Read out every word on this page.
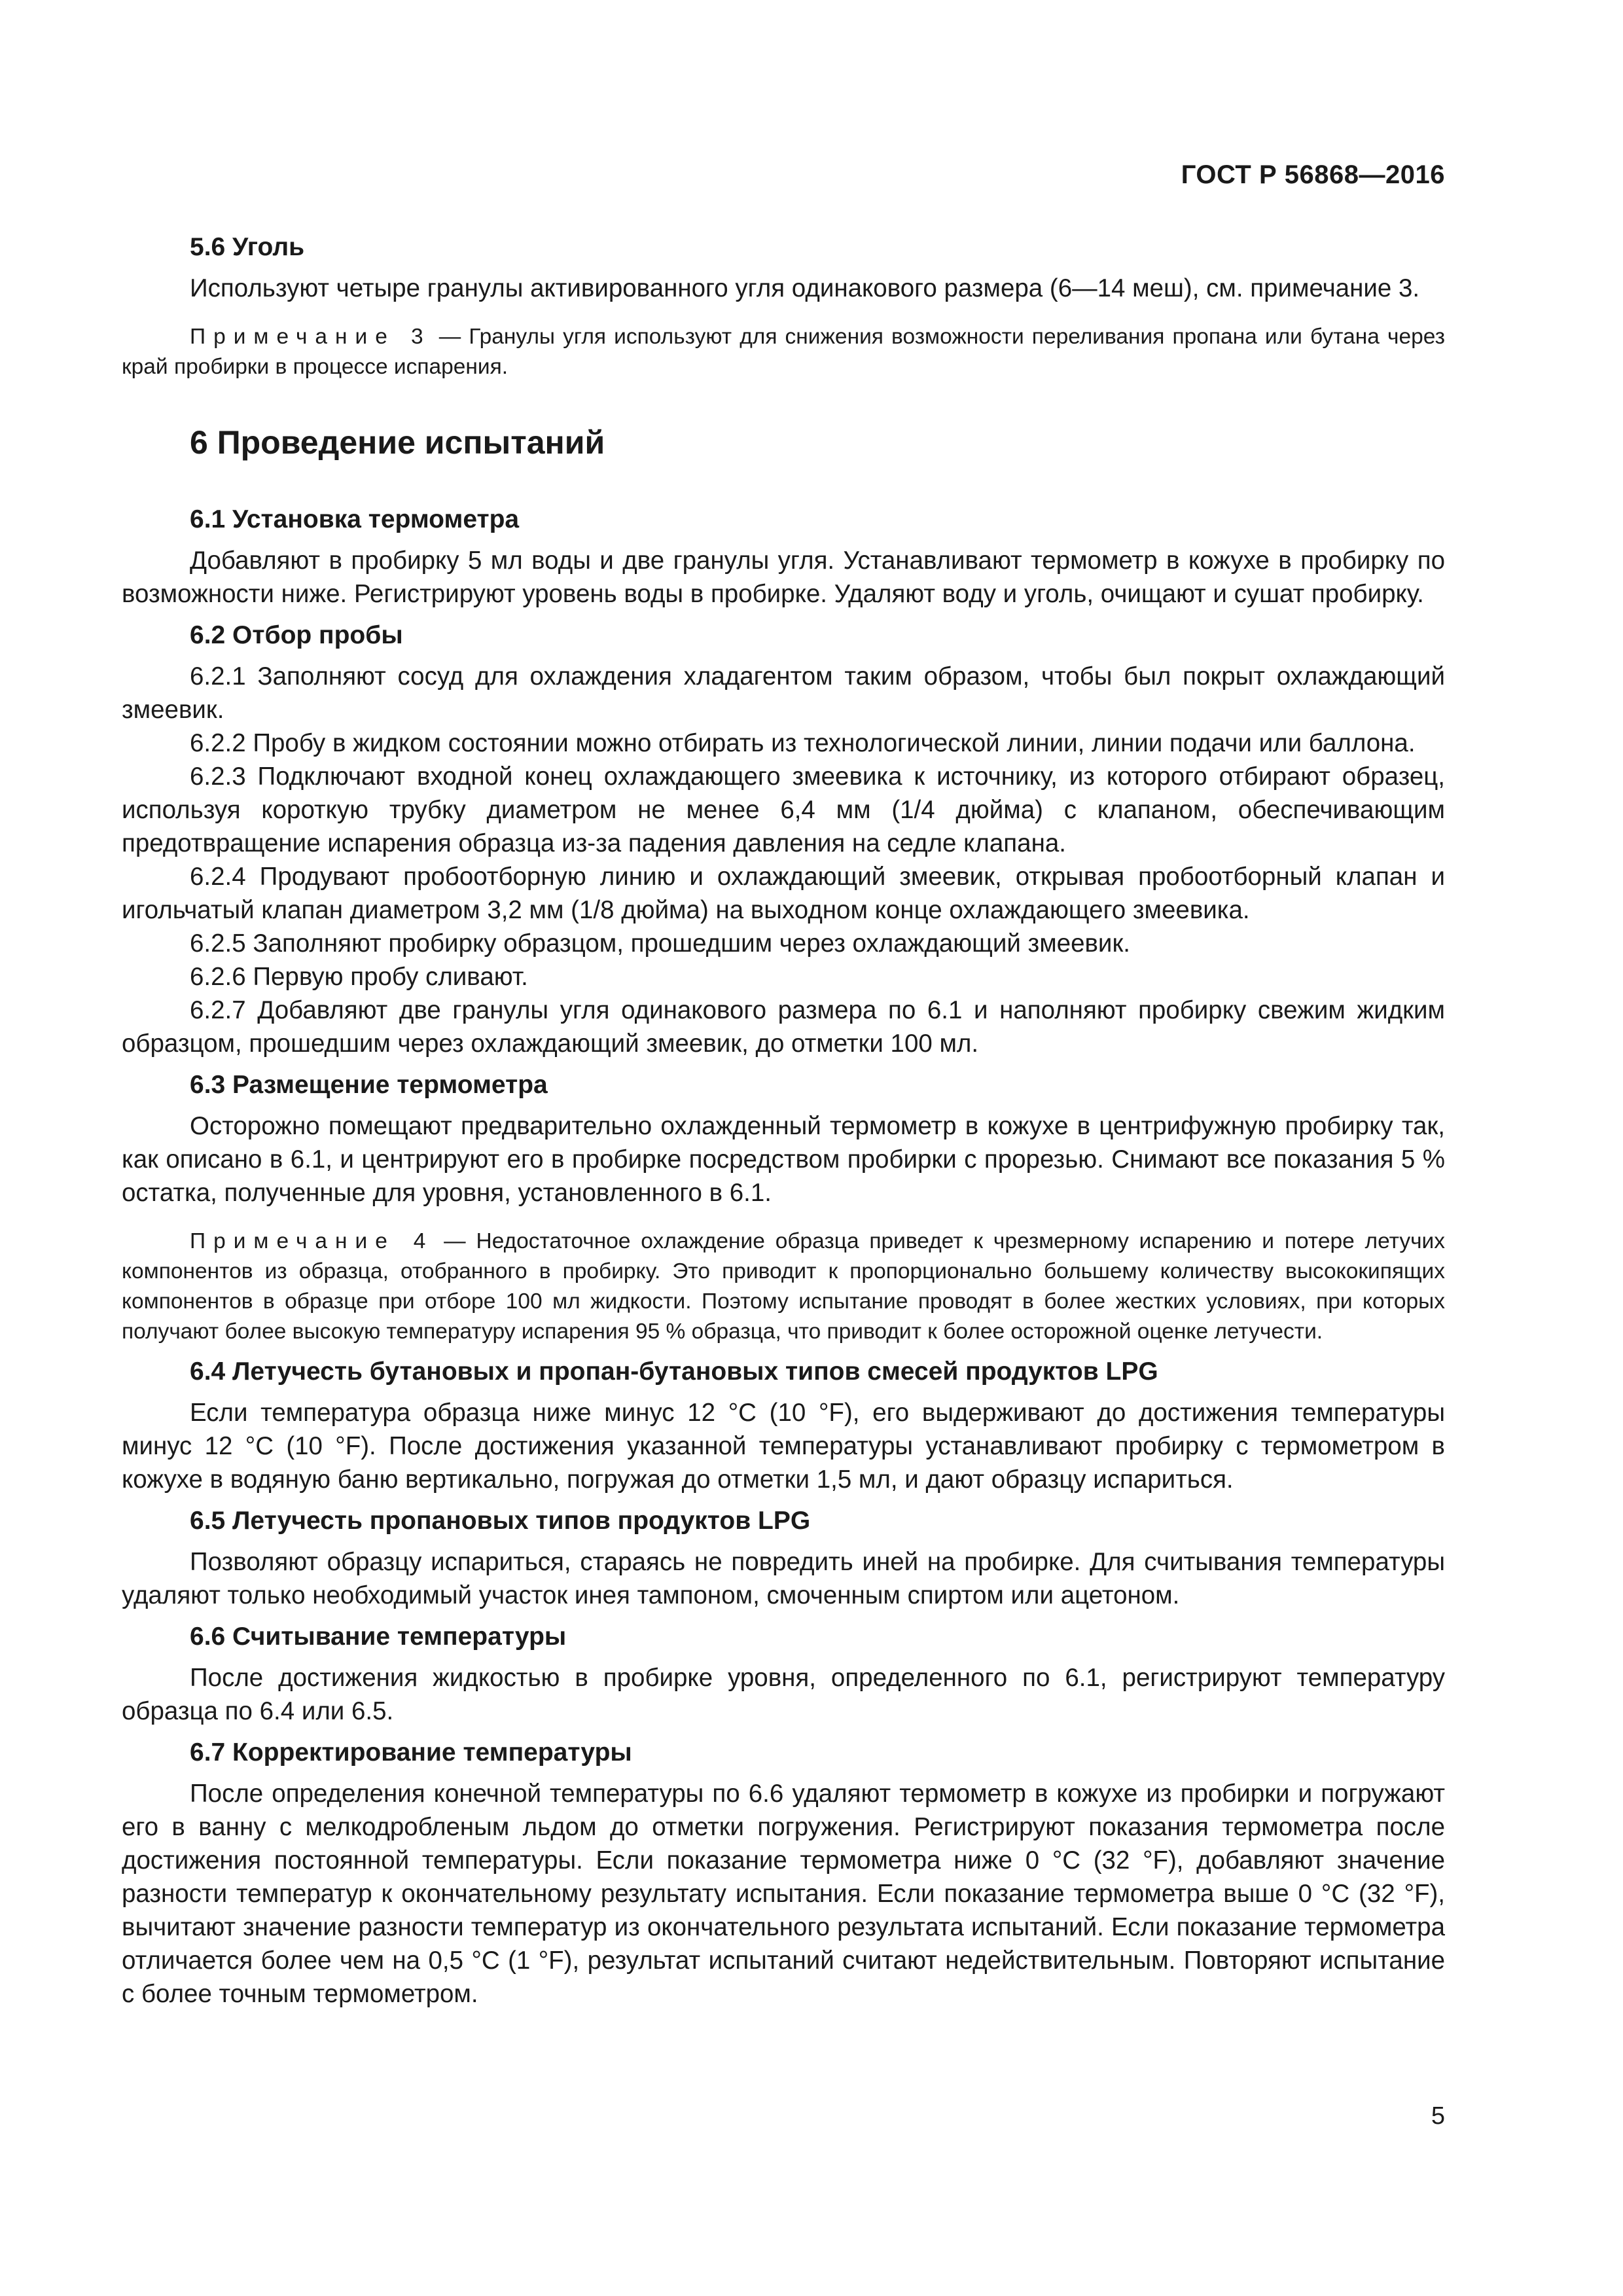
ГОСТ Р 56868—2016
5.6 Уголь

Используют четыре гранулы активированного угля одинакового размера (6—14 меш), см. примечание 3.

Примечание 3 — Гранулы угля используют для снижения возможности переливания пропана или бутана через край пробирки в процессе испарения.
6 Проведение испытаний
6.1 Установка термометра

Добавляют в пробирку 5 мл воды и две гранулы угля. Устанавливают термометр в кожухе в пробирку по возможности ниже. Регистрируют уровень воды в пробирке. Удаляют воду и уголь, очищают и сушат пробирку.

6.2 Отбор пробы

6.2.1 Заполняют сосуд для охлаждения хладагентом таким образом, чтобы был покрыт охлаждающий змеевик.

6.2.2 Пробу в жидком состоянии можно отбирать из технологической линии, линии подачи или баллона.

6.2.3 Подключают входной конец охлаждающего змеевика к источнику, из которого отбирают образец, используя короткую трубку диаметром не менее 6,4 мм (1/4 дюйма) с клапаном, обеспечивающим предотвращение испарения образца из-за падения давления на седле клапана.

6.2.4 Продувают пробоотборную линию и охлаждающий змеевик, открывая пробоотборный клапан и игольчатый клапан диаметром 3,2 мм (1/8 дюйма) на выходном конце охлаждающего змеевика.

6.2.5 Заполняют пробирку образцом, прошедшим через охлаждающий змеевик.

6.2.6 Первую пробу сливают.

6.2.7 Добавляют две гранулы угля одинакового размера по 6.1 и наполняют пробирку свежим жидким образцом, прошедшим через охлаждающий змеевик, до отметки 100 мл.

6.3 Размещение термометра

Осторожно помещают предварительно охлажденный термометр в кожухе в центрифужную пробирку так, как описано в 6.1, и центрируют его в пробирке посредством пробирки с прорезью. Снимают все показания 5 % остатка, полученные для уровня, установленного в 6.1.

Примечание 4 — Недостаточное охлаждение образца приведет к чрезмерному испарению и потере летучих компонентов из образца, отобранного в пробирку. Это приводит к пропорционально большему количеству высококипящих компонентов в образце при отборе 100 мл жидкости. Поэтому испытание проводят в более жестких условиях, при которых получают более высокую температуру испарения 95 % образца, что приводит к более осторожной оценке летучести.
6.4 Летучесть бутановых и пропан-бутановых типов смесей продуктов LPG

Если температура образца ниже минус 12 °С (10 °F), его выдерживают до достижения температуры минус 12 °С (10 °F). После достижения указанной температуры устанавливают пробирку с термометром в кожухе в водяную баню вертикально, погружая до отметки 1,5 мл, и дают образцу испариться.

6.5 Летучесть пропановых типов продуктов LPG

Позволяют образцу испариться, стараясь не повредить иней на пробирке. Для считывания температуры удаляют только необходимый участок инея тампоном, смоченным спиртом или ацетоном.

6.6 Считывание температуры

После достижения жидкостью в пробирке уровня, определенного по 6.1, регистрируют температуру образца по 6.4 или 6.5.

6.7 Корректирование температуры

После определения конечной температуры по 6.6 удаляют термометр в кожухе из пробирки и погружают его в ванну с мелкодробленым льдом до отметки погружения. Регистрируют показания термометра после достижения постоянной температуры. Если показание термометра ниже 0 °С (32 °F), добавляют значение разности температур к окончательному результату испытания. Если показание термометра выше 0 °С (32 °F), вычитают значение разности температур из окончательного результата испытаний. Если показание термометра отличается более чем на 0,5 °С (1 °F), результат испытаний считают недействительным. Повторяют испытание с более точным термометром.

5
